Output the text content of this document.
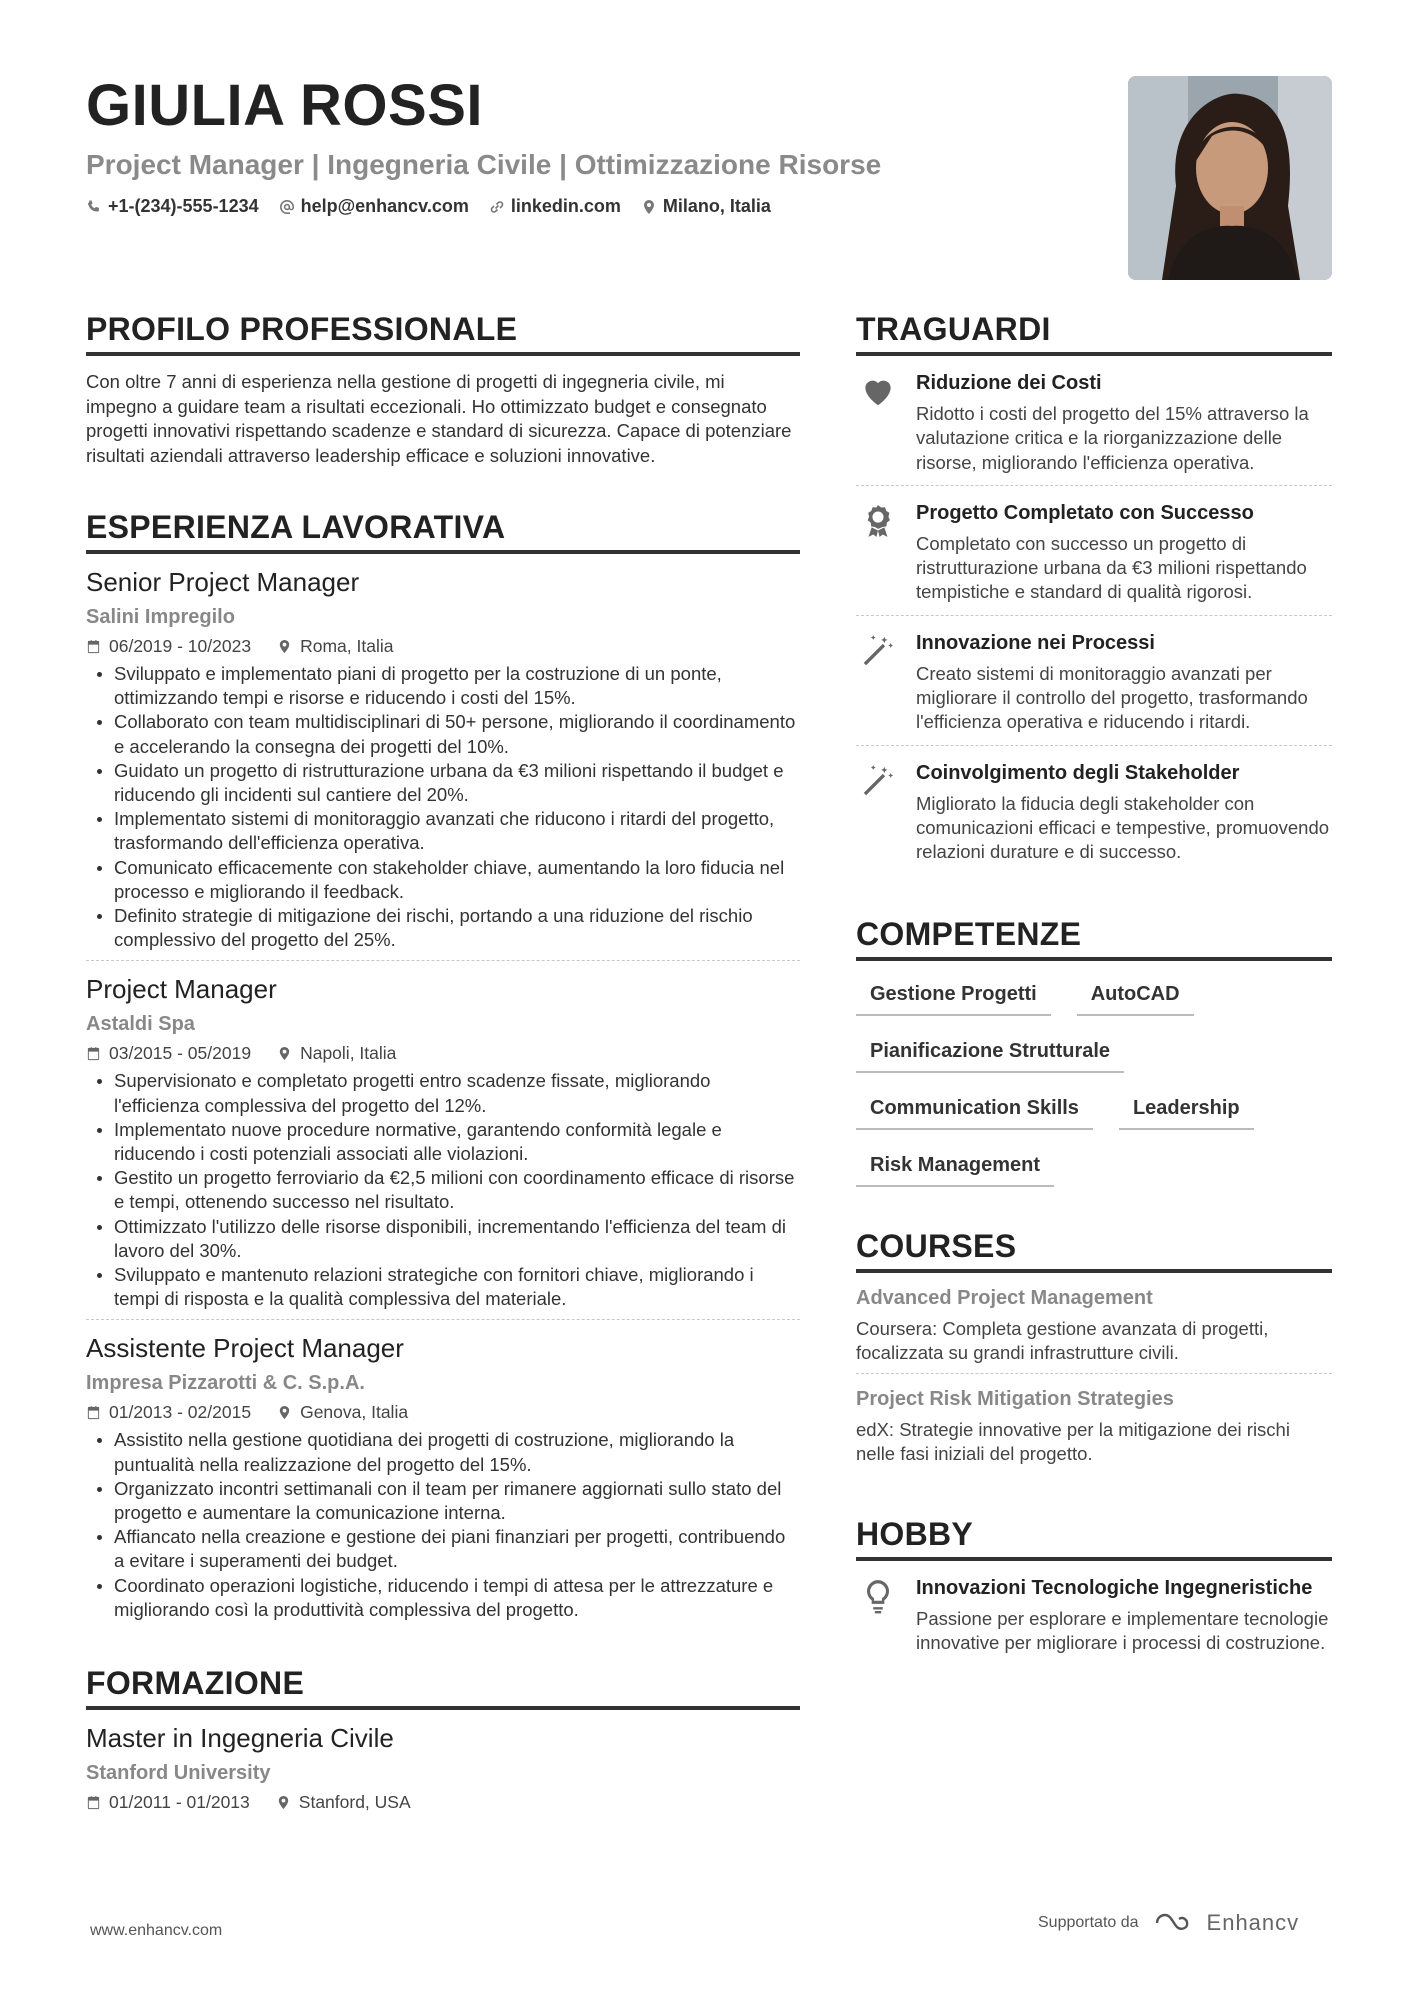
GIULIA ROSSI
Project Manager | Ingegneria Civile | Ottimizzazione Risorse
+1-(234)-555-1234 help@enhancv.com linkedin.com Milano, Italia
PROFILO PROFESSIONALE

Con oltre 7 anni di esperienza nella gestione di progetti di ingegneria civile, mi impegno a guidare team a risultati eccezionali. Ho ottimizzato budget e consegnato progetti innovativi rispettando scadenze e standard di sicurezza. Capace di potenziare risultati aziendali attraverso leadership efficace e soluzioni innovative.

ESPERIENZA LAVORATIVA
Senior Project Manager
Salini Impregilo
06/2019 - 10/2023	Roma, Italia
Sviluppato e implementato piani di progetto per la costruzione di un ponte, ottimizzando tempi e risorse e riducendo i costi del 15%.
Collaborato con team multidisciplinari di 50+ persone, migliorando il coordinamento e accelerando la consegna dei progetti del 10%.
Guidato un progetto di ristrutturazione urbana da €3 milioni rispettando il budget e riducendo gli incidenti sul cantiere del 20%.
Implementato sistemi di monitoraggio avanzati che riducono i ritardi del progetto, trasformando dell'efficienza operativa.
Comunicato efficacemente con stakeholder chiave, aumentando la loro fiducia nel processo e migliorando il feedback.
Definito strategie di mitigazione dei rischi, portando a una riduzione del rischio complessivo del progetto del 25%.
Project Manager
Astaldi Spa
03/2015 - 05/2019	Napoli, Italia
Supervisionato e completato progetti entro scadenze fissate, migliorando l'efficienza complessiva del progetto del 12%.
Implementato nuove procedure normative, garantendo conformità legale e riducendo i costi potenziali associati alle violazioni.
Gestito un progetto ferroviario da €2,5 milioni con coordinamento efficace di risorse e tempi, ottenendo successo nel risultato.
Ottimizzato l'utilizzo delle risorse disponibili, incrementando l'efficienza del team di lavoro del 30%.
Sviluppato e mantenuto relazioni strategiche con fornitori chiave, migliorando i tempi di risposta e la qualità complessiva del materiale.
Assistente Project Manager
Impresa Pizzarotti & C. S.p.A.
01/2013 - 02/2015	Genova, Italia
Assistito nella gestione quotidiana dei progetti di costruzione, migliorando la puntualità nella realizzazione del progetto del 15%.
Organizzato incontri settimanali con il team per rimanere aggiornati sullo stato del progetto e aumentare la comunicazione interna.
Affiancato nella creazione e gestione dei piani finanziari per progetti, contribuendo a evitare i superamenti dei budget.
Coordinato operazioni logistiche, riducendo i tempi di attesa per le attrezzature e migliorando così la produttività complessiva del progetto.
FORMAZIONE
Master in Ingegneria Civile
Stanford University
01/2011 - 01/2013	Stanford, USA
TRAGUARDI
Riduzione dei Costi
Ridotto i costi del progetto del 15% attraverso la valutazione critica e la riorganizzazione delle risorse, migliorando l'efficienza operativa.
Progetto Completato con Successo
Completato con successo un progetto di ristrutturazione urbana da €3 milioni rispettando tempistiche e standard di qualità rigorosi.
Innovazione nei Processi
Creato sistemi di monitoraggio avanzati per migliorare il controllo del progetto, trasformando l'efficienza operativa e riducendo i ritardi.
Coinvolgimento degli Stakeholder
Migliorato la fiducia degli stakeholder con comunicazioni efficaci e tempestive, promuovendo relazioni durature e di successo.
COMPETENZE
Gestione Progetti	AutoCAD
Pianificazione Strutturale
Communication Skills	Leadership
Risk Management
COURSES
Advanced Project Management
Coursera: Completa gestione avanzata di progetti, focalizzata su grandi infrastrutture civili.
Project Risk Mitigation Strategies
edX: Strategie innovative per la mitigazione dei rischi nelle fasi iniziali del progetto.
HOBBY
Innovazioni Tecnologiche Ingegneristiche
Passione per esplorare e implementare tecnologie innovative per migliorare i processi di costruzione.
www.enhancv.com	Supportato da	Enhancv
